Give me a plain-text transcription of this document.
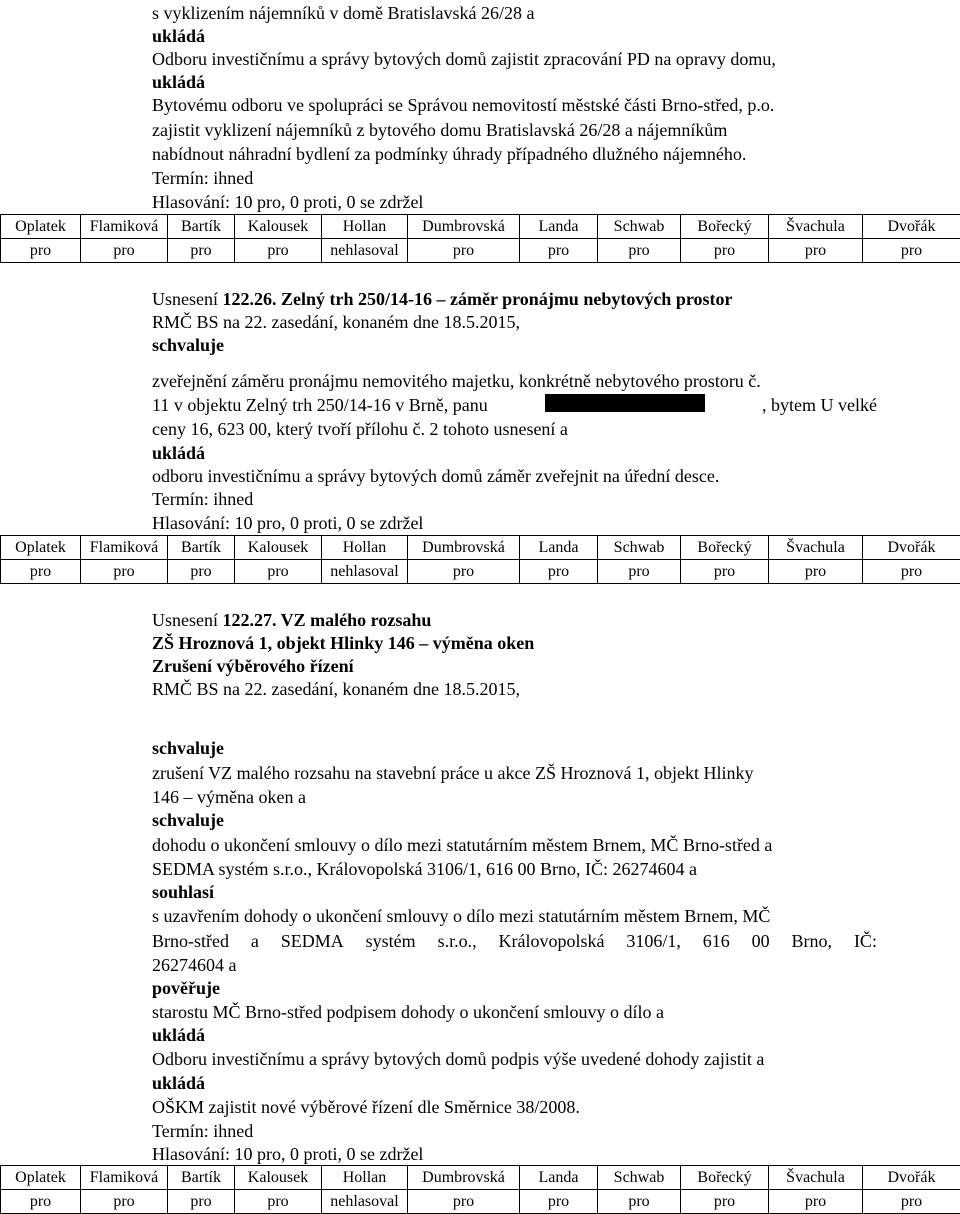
s vyklizením nájemníků v domě Bratislavská 26/28 a
ukládá
Odboru investičnímu a správy bytových domů zajistit zpracování PD na opravy domu,
ukládá
Bytovému odboru ve spolupráci se Správou nemovitostí městské části Brno-střed, p.o.
zajistit vyklizení nájemníků z bytového domu Bratislavská 26/28 a nájemníkům
nabídnout náhradní bydlení za podmínky úhrady případného dlužného nájemného.
Termín: ihned
Hlasování: 10 pro, 0 proti, 0 se zdržel
Oplatek	Flamiková	Bartík	Kalousek	Hollan	Dumbrovská	Landa	Schwab	Bořecký	Švachula	Dvořák
pro	pro	pro	pro	nehlasoval	pro	pro	pro	pro	pro	pro
Usnesení 122.26. Zelný trh 250/14-16 – záměr pronájmu nebytových prostor
RMČ BS na 22. zasedání, konaném dne 18.5.2015,
schvaluje
zveřejnění záměru pronájmu nemovitého majetku, konkrétně nebytového prostoru č.
11 v objektu Zelný trh 250/14-16 v Brně, panu	, bytem U velké
ceny 16, 623 00, který tvoří přílohu č. 2 tohoto usnesení a
ukládá
odboru investičnímu a správy bytových domů záměr zveřejnit na úřední desce.
Termín: ihned
Hlasování: 10 pro, 0 proti, 0 se zdržel
Oplatek	Flamiková	Bartík	Kalousek	Hollan	Dumbrovská	Landa	Schwab	Bořecký	Švachula	Dvořák
pro	pro	pro	pro	nehlasoval	pro	pro	pro	pro	pro	pro
Usnesení 122.27. VZ malého rozsahu
ZŠ Hroznová 1, objekt Hlinky 146 – výměna oken
Zrušení výběrového řízení
RMČ BS na 22. zasedání, konaném dne 18.5.2015,
schvaluje
zrušení VZ malého rozsahu na stavební práce u akce ZŠ Hroznová 1, objekt Hlinky
146 – výměna oken a
schvaluje
dohodu o ukončení smlouvy o dílo mezi statutárním městem Brnem, MČ Brno-střed a
SEDMA systém s.r.o., Královopolská 3106/1, 616 00 Brno, IČ: 26274604 a
souhlasí
s uzavřením dohody o ukončení smlouvy o dílo mezi statutárním městem Brnem, MČ
Brno-střed a SEDMA systém s.r.o., Královopolská 3106/1, 616 00 Brno, IČ:
26274604 a
pověřuje
starostu MČ Brno-střed podpisem dohody o ukončení smlouvy o dílo a
ukládá
Odboru investičnímu a správy bytových domů podpis výše uvedené dohody zajistit a
ukládá
OŠKM zajistit nové výběrové řízení dle Směrnice 38/2008.
Termín: ihned
Hlasování: 10 pro, 0 proti, 0 se zdržel
Oplatek	Flamiková	Bartík	Kalousek	Hollan	Dumbrovská	Landa	Schwab	Bořecký	Švachula	Dvořák
pro	pro	pro	pro	nehlasoval	pro	pro	pro	pro	pro	pro
